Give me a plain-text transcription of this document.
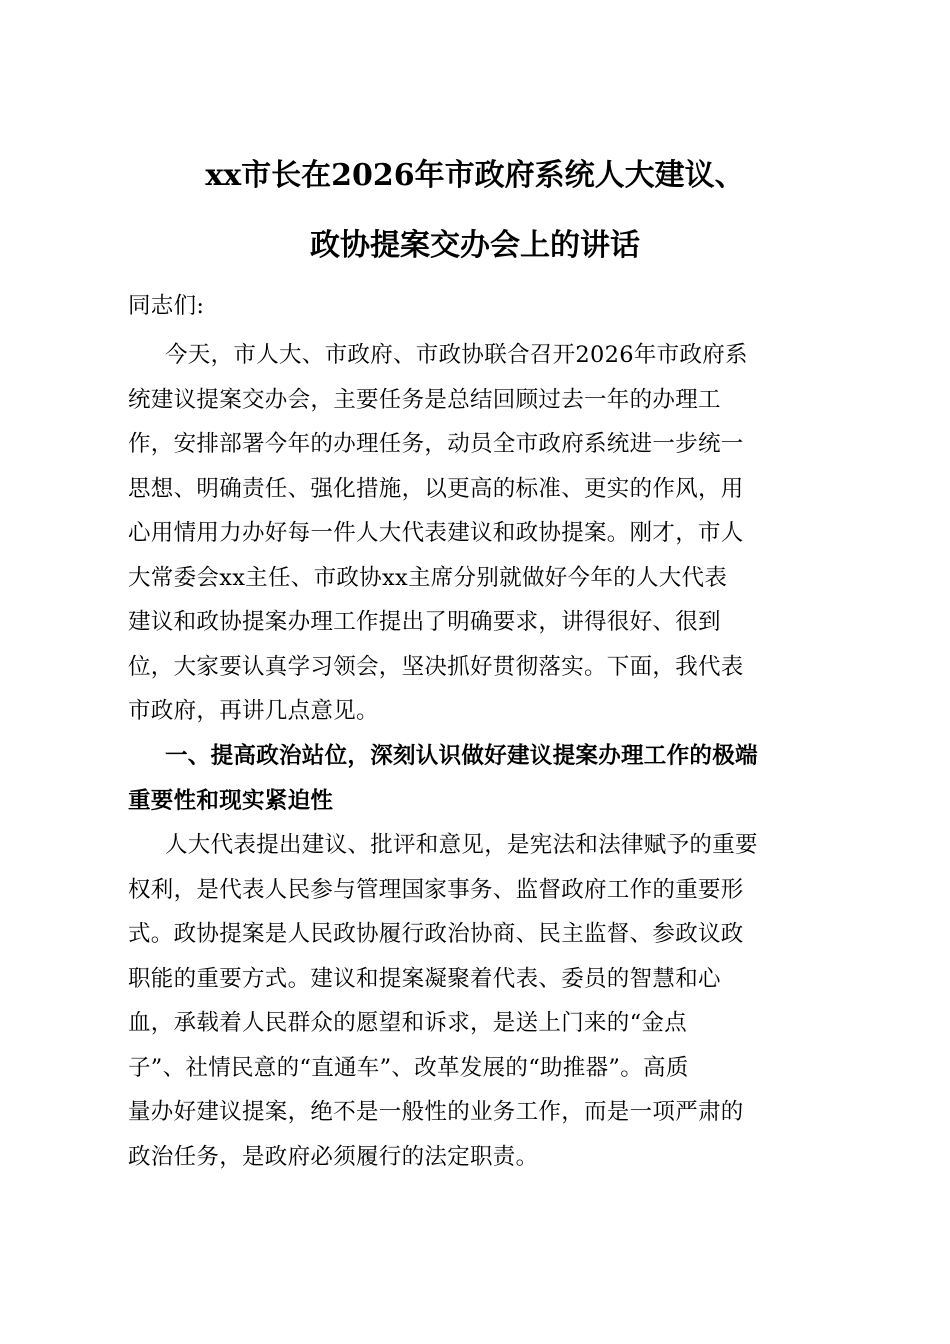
xx市长在2026年市政府系统人大建议、
政协提案交办会上的讲话
同志们:
今天，市人大、市政府、市政协联合召开2026年市政府系
统建议提案交办会，主要任务是总结回顾过去一年的办理工
作，安排部署今年的办理任务，动员全市政府系统进一步统一
思想、明确责任、强化措施，以更高的标准、更实的作风，用
心用情用力办好每一件人大代表建议和政协提案。刚才，市人
大常委会xx主任、市政协xx主席分别就做好今年的人大代表
建议和政协提案办理工作提出了明确要求，讲得很好、很到
位，大家要认真学习领会，坚决抓好贯彻落实。下面，我代表
市政府，再讲几点意见。
一、提高政治站位，深刻认识做好建议提案办理工作的极端
重要性和现实紧迫性
人大代表提出建议、批评和意见，是宪法和法律赋予的重要
权利，是代表人民参与管理国家事务、监督政府工作的重要形
式。政协提案是人民政协履行政治协商、民主监督、参政议政
职能的重要方式。建议和提案凝聚着代表、委员的智慧和心
血，承载着人民群众的愿望和诉求，是送上门来的“金点
子”、社情民意的“直通车”、改革发展的“助推器”。高质
量办好建议提案，绝不是一般性的业务工作，而是一项严肃的
政治任务，是政府必须履行的法定职责。
